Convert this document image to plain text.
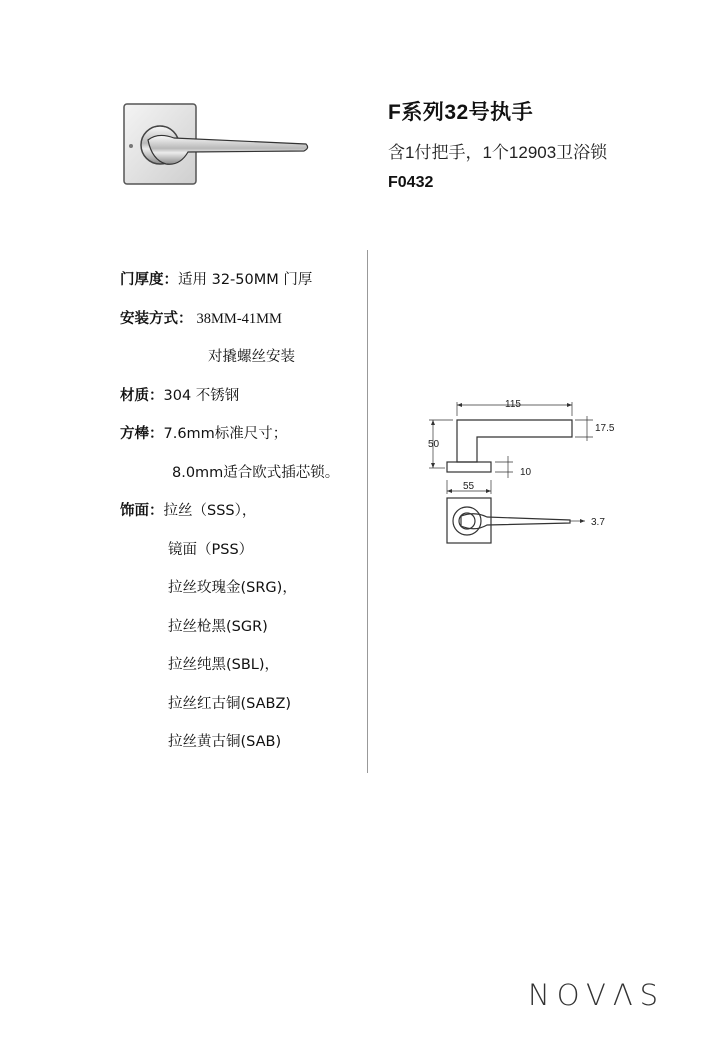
F系列32号执手
含1付把手，1个12903卫浴锁
F0432
门厚度：适用 32-50MM 门厚
安装方式： 38MM-41MM
对撬螺丝安装
材质：304 不锈钢
方棒：7.6mm标准尺寸；
8.0mm适合欧式插芯锁。
饰面：拉丝（SSS），
镜面（PSS）
拉丝玫瑰金(SRG)，
拉丝枪黑(SGR)
拉丝纯黑(SBL)，
拉丝红古铜(SABZ)
拉丝黄古铜(SAB)
115
17.5
50
10
55
3.7
NOVΛS
